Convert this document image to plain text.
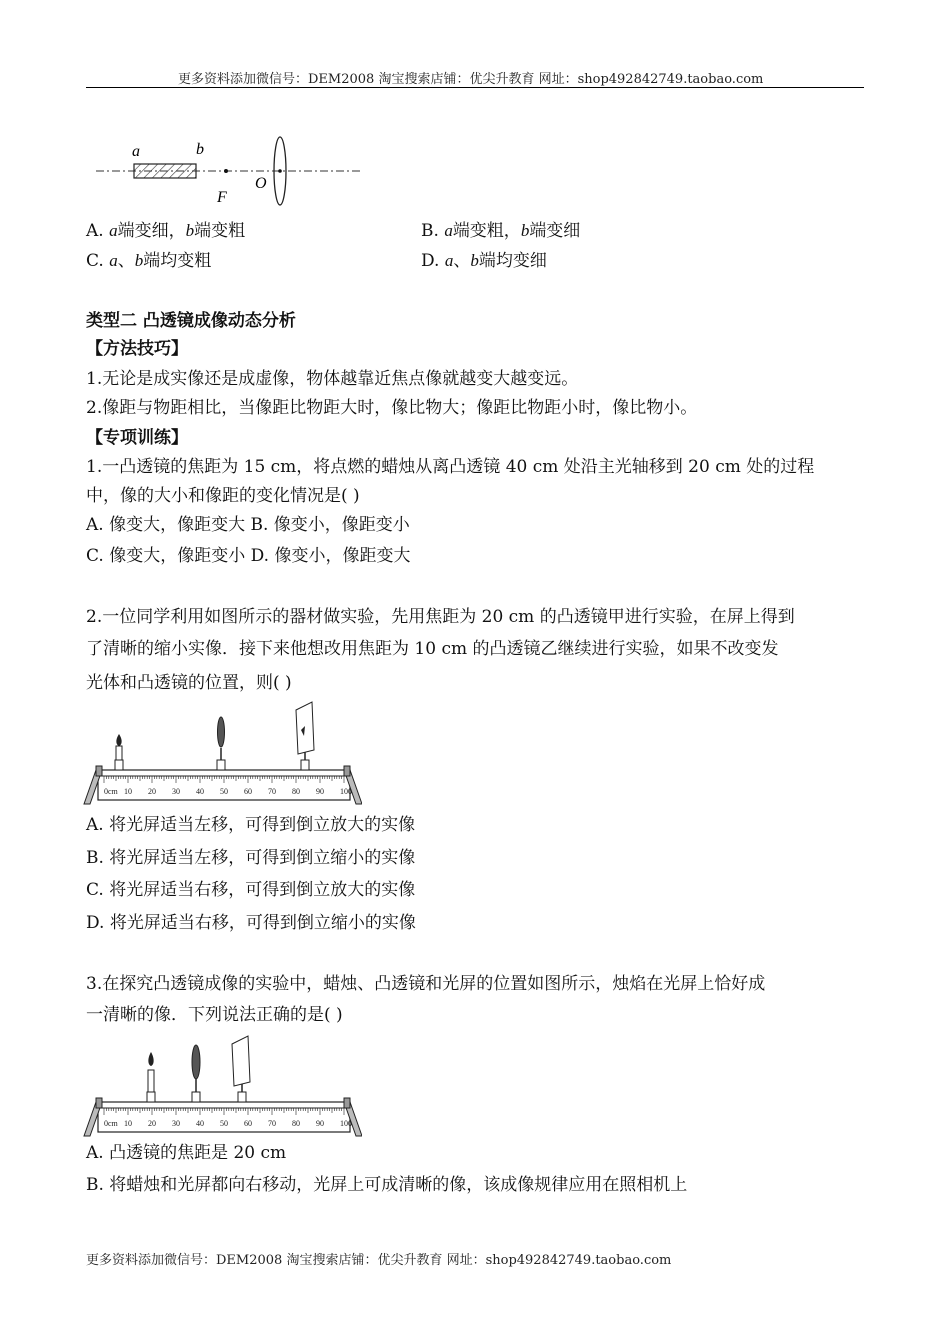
更多资料添加微信号：DEM2008 淘宝搜索店铺：优尖升教育 网址：shop492842749.taobao.com
a	b
F
O
A. a端变细，b端变粗	B. a端变粗，b端变细
C. a、b端均变粗	D. a、b端均变细
类型二 凸透镜成像动态分析
【方法技巧】
1.无论是成实像还是成虚像，物体越靠近焦点像就越变大越变远。
2.像距与物距相比，当像距比物距大时，像比物大；像距比物距小时，像比物小。
【专项训练】
1.一凸透镜的焦距为 15 cm，将点燃的蜡烛从离凸透镜 40 cm 处沿主光轴移到 20 cm 处的过程
中，像的大小和像距的变化情况是( )
A. 像变大，像距变大 B. 像变小，像距变小
C. 像变大，像距变小 D. 像变小，像距变大
2.一位同学利用如图所示的器材做实验，先用焦距为 20 cm 的凸透镜甲进行实验，在屏上得到
了清晰的缩小实像．接下来他想改用焦距为 10 cm 的凸透镜乙继续进行实验，如果不改变发
光体和凸透镜的位置，则( )
0cm 10 20 30 40 50 60 70 80 90 100
A. 将光屏适当左移，可得到倒立放大的实像
B. 将光屏适当左移，可得到倒立缩小的实像
C. 将光屏适当右移，可得到倒立放大的实像
D. 将光屏适当右移，可得到倒立缩小的实像
3.在探究凸透镜成像的实验中，蜡烛、凸透镜和光屏的位置如图所示，烛焰在光屏上恰好成
一清晰的像．下列说法正确的是( )
0cm 10 20 30 40 50 60 70 80 90 100
A. 凸透镜的焦距是 20 cm
B. 将蜡烛和光屏都向右移动，光屏上可成清晰的像，该成像规律应用在照相机上
更多资料添加微信号：DEM2008 淘宝搜索店铺：优尖升教育 网址：shop492842749.taobao.com
